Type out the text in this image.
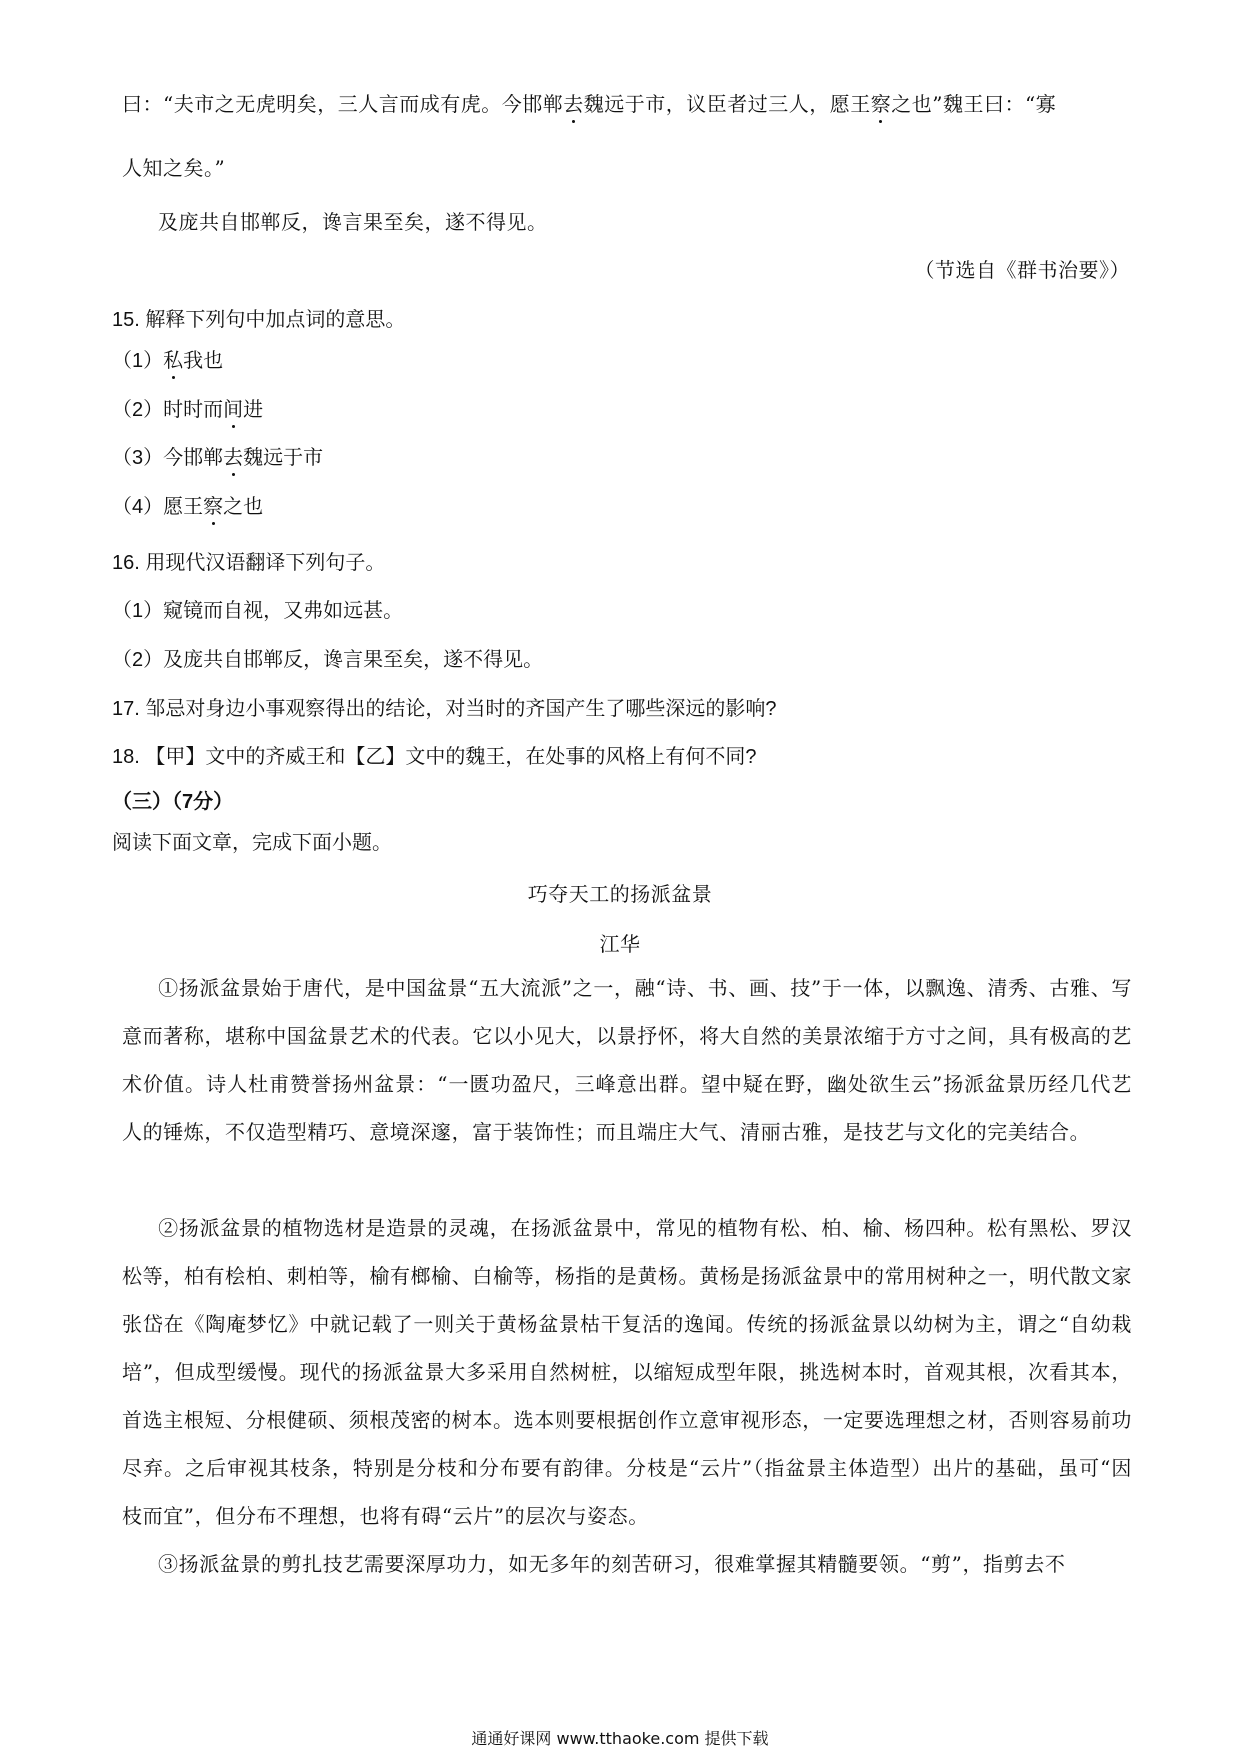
曰：“夫市之无虎明矣，三人言而成有虎。今邯郸去魏远于市，议臣者过三人，愿王察之也”魏王曰：“寡
人知之矣。”
及庞共自邯郸反，谗言果至矣，遂不得见。
（节选自《群书治要》）
15. 解释下列句中加点词的意思。
（1）私我也
（2）时时而间进
（3）今邯郸去魏远于市
（4）愿王察之也
16. 用现代汉语翻译下列句子。
（1）窥镜而自视，又弗如远甚。
（2）及庞共自邯郸反，谗言果至矣，遂不得见。
17. 邹忌对身边小事观察得出的结论，对当时的齐国产生了哪些深远的影响?
18. 【甲】文中的齐威王和【乙】文中的魏王，在处事的风格上有何不同?
（三）（7分）
阅读下面文章，完成下面小题。
巧夺天工的扬派盆景
江华
①扬派盆景始于唐代，是中国盆景“五大流派”之一，融“诗、书、画、技”于一体，以飘逸、清秀、古雅、写意而著称，堪称中国盆景艺术的代表。它以小见大，以景抒怀，将大自然的美景浓缩于方寸之间，具有极高的艺术价值。诗人杜甫赞誉扬州盆景：“一匮功盈尺，三峰意出群。望中疑在野，幽处欲生云”扬派盆景历经几代艺人的锤炼，不仅造型精巧、意境深邃，富于装饰性；而且端庄大气、清丽古雅，是技艺与文化的完美结合。
②扬派盆景的植物选材是造景的灵魂，在扬派盆景中，常见的植物有松、柏、榆、杨四种。松有黑松、罗汉松等，柏有桧柏、刺柏等，榆有榔榆、白榆等，杨指的是黄杨。黄杨是扬派盆景中的常用树种之一，明代散文家张岱在《陶庵梦忆》中就记载了一则关于黄杨盆景枯干复活的逸闻。传统的扬派盆景以幼树为主，谓之“自幼栽培”，但成型缓慢。现代的扬派盆景大多采用自然树桩，以缩短成型年限，挑选树本时，首观其根，次看其本，首选主根短、分根健硕、须根茂密的树本。选本则要根据创作立意审视形态，一定要选理想之材，否则容易前功尽弃。之后审视其枝条，特别是分枝和分布要有韵律。分枝是“云片”（指盆景主体造型）出片的基础，虽可“因枝而宜”，但分布不理想，也将有碍“云片”的层次与姿态。
③扬派盆景的剪扎技艺需要深厚功力，如无多年的刻苦研习，很难掌握其精髓要领。“剪”，指剪去不
通通好课网 www.tthaoke.com 提供下载
